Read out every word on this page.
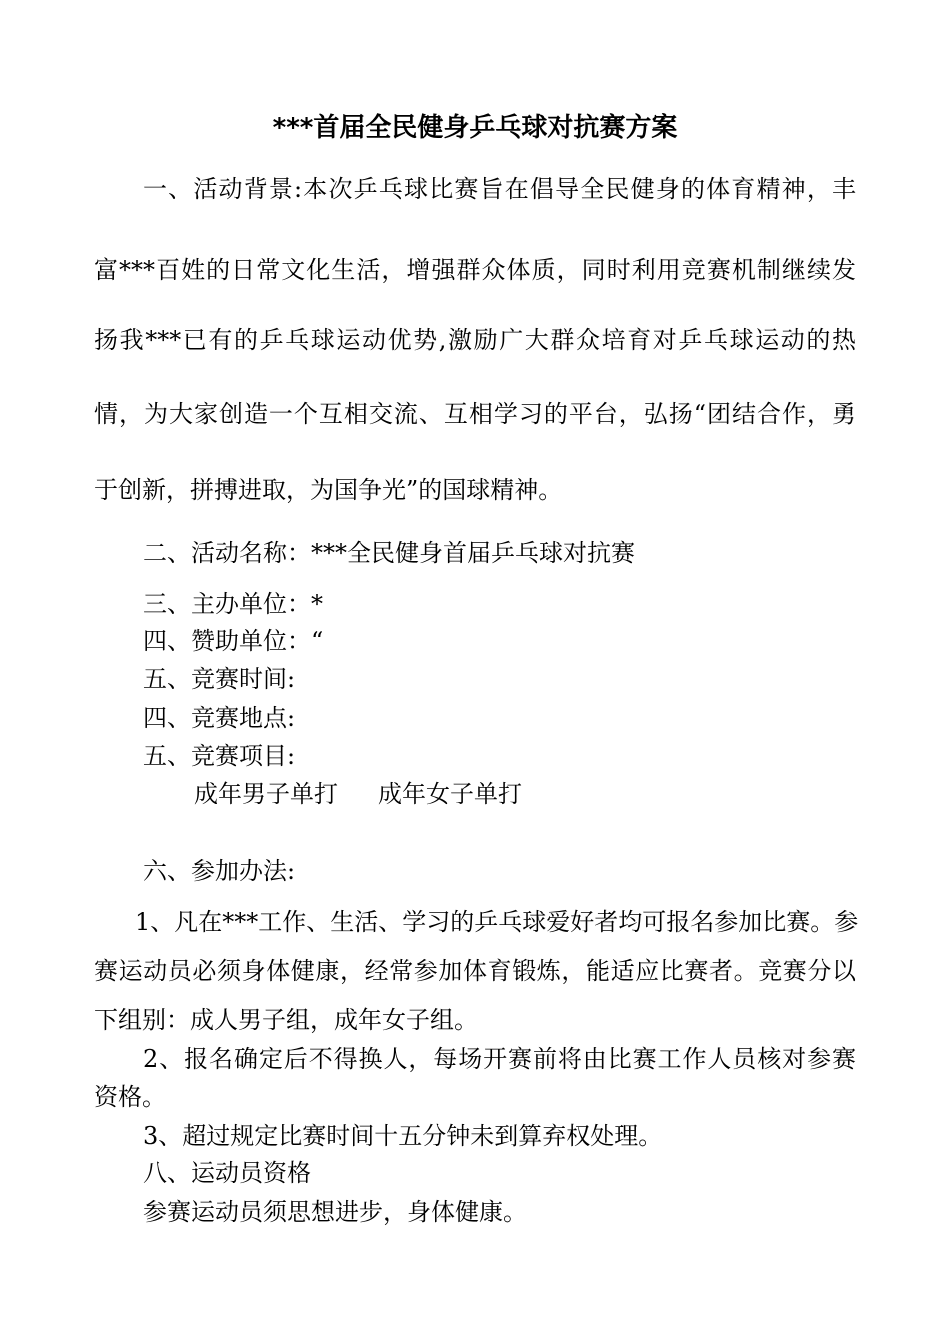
***首届全民健身乒乓球对抗赛方案

一、活动背景:本次乒乓球比赛旨在倡导全民健身的体育精神，丰

富***百姓的日常文化生活，增强群众体质，同时利用竞赛机制继续发

扬我***已有的乒乓球运动优势,激励广大群众培育对乒乓球运动的热

情，为大家创造一个互相交流、互相学习的平台，弘扬“团结合作，勇

于创新，拼搏进取，为国争光”的国球精神。

二、活动名称：***全民健身首届乒乓球对抗赛

三、主办单位：*

四、赞助单位：“

五、竞赛时间:

四、竞赛地点:

五、竞赛项目:

成年男子单打 成年女子单打

六、参加办法:

1、凡在***工作、生活、学习的乒乓球爱好者均可报名参加比赛。参

赛运动员必须身体健康，经常参加体育锻炼，能适应比赛者。竞赛分以

下组别：成人男子组，成年女子组。

2、报名确定后不得换人，每场开赛前将由比赛工作人员核对参赛

资格。

3、超过规定比赛时间十五分钟未到算弃权处理。

八、运动员资格

参赛运动员须思想进步，身体健康。
